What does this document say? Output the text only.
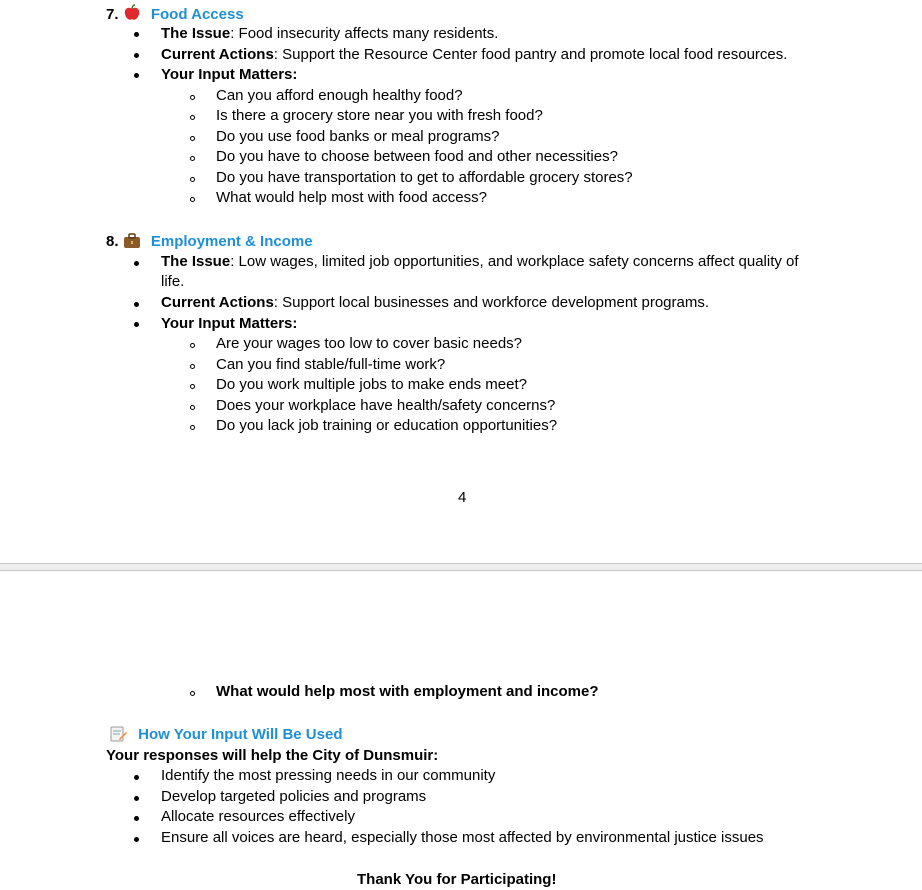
7. Food Access
The Issue: Food insecurity affects many residents.
Current Actions: Support the Resource Center food pantry and promote local food resources.
Your Input Matters:
Can you afford enough healthy food?
Is there a grocery store near you with fresh food?
Do you use food banks or meal programs?
Do you have to choose between food and other necessities?
Do you have transportation to get to affordable grocery stores?
What would help most with food access?
8. Employment & Income
The Issue: Low wages, limited job opportunities, and workplace safety concerns affect quality of
life.
Current Actions: Support local businesses and workforce development programs.
Your Input Matters:
Are your wages too low to cover basic needs?
Can you find stable/full-time work?
Do you work multiple jobs to make ends meet?
Does your workplace have health/safety concerns?
Do you lack job training or education opportunities?
4
What would help most with employment and income?
How Your Input Will Be Used
Your responses will help the City of Dunsmuir:
Identify the most pressing needs in our community
Develop targeted policies and programs
Allocate resources effectively
Ensure all voices are heard, especially those most affected by environmental justice issues
Thank You for Participating!
